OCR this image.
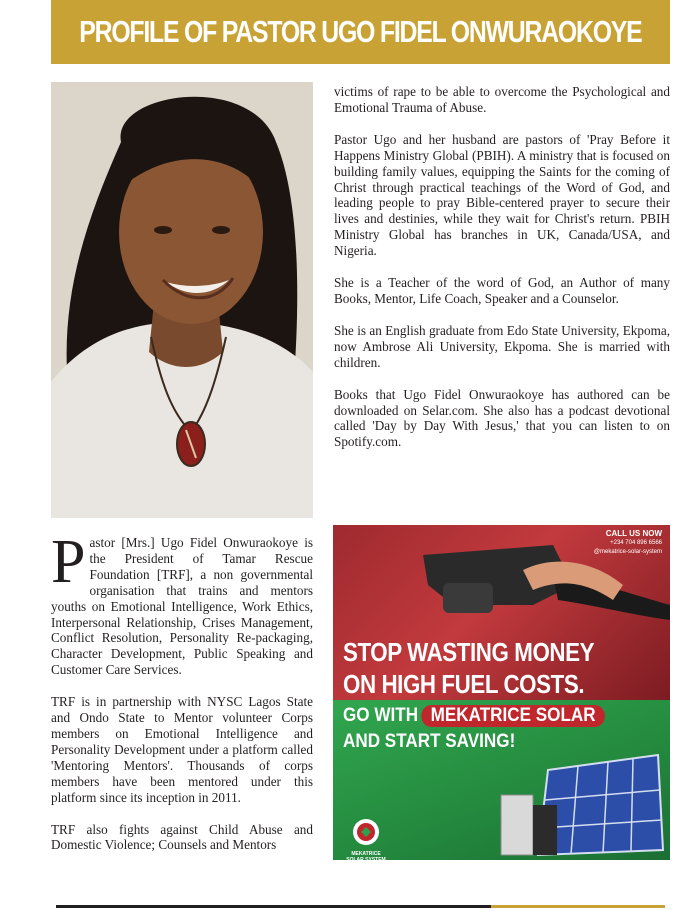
PROFILE OF PASTOR UGO FIDEL ONWURAOKOYE

victims of rape to be able to overcome the Psychological and Emotional Trauma of Abuse.

Pastor Ugo and her husband are pastors of 'Pray Before it Happens Ministry Global (PBIH). A ministry that is focused on building family values, equipping the Saints for the coming of Christ through practical teachings of the Word of God, and leading people to pray Bible-centered prayer to secure their lives and destinies, while they wait for Christ's return. PBIH Ministry Global has branches in UK, Canada/USA, and Nigeria.

She is a Teacher of the word of God, an Author of many Books, Mentor, Life Coach, Speaker and a Counselor.

She is an English graduate from Edo State University, Ekpoma, now Ambrose Ali University, Ekpoma. She is married with children.

Books that Ugo Fidel Onwuraokoye has authored can be downloaded on Selar.com. She also has a podcast devotional called 'Day by Day With Jesus,' that you can listen to on Spotify.com.

Pastor [Mrs.] Ugo Fidel Onwuraokoye is the President of Tamar Rescue Foundation [TRF], a non governmental organisation that trains and mentors youths on Emotional Intelligence, Work Ethics, Interpersonal Relationship, Crises Management, Conflict Resolution, Personality Re-packaging, Character Development, Public Speaking and Customer Care Services.

TRF is in partnership with NYSC Lagos State and Ondo State to Mentor volunteer Corps members on Emotional Intelligence and Personality Development under a platform called 'Mentoring Mentors'. Thousands of corps members have been mentored under this platform since its inception in 2011.

TRF also fights against Child Abuse and Domestic Violence; Counsels and Mentors

CALL US NOW
+234 704 896 6566
@mekatrice-solar-system
STOP WASTING MONEY
ON HIGH FUEL COSTS.
GO WITH MEKATRICE SOLAR
AND START SAVING!
MEKATRICE
SOLAR SYSTEM
